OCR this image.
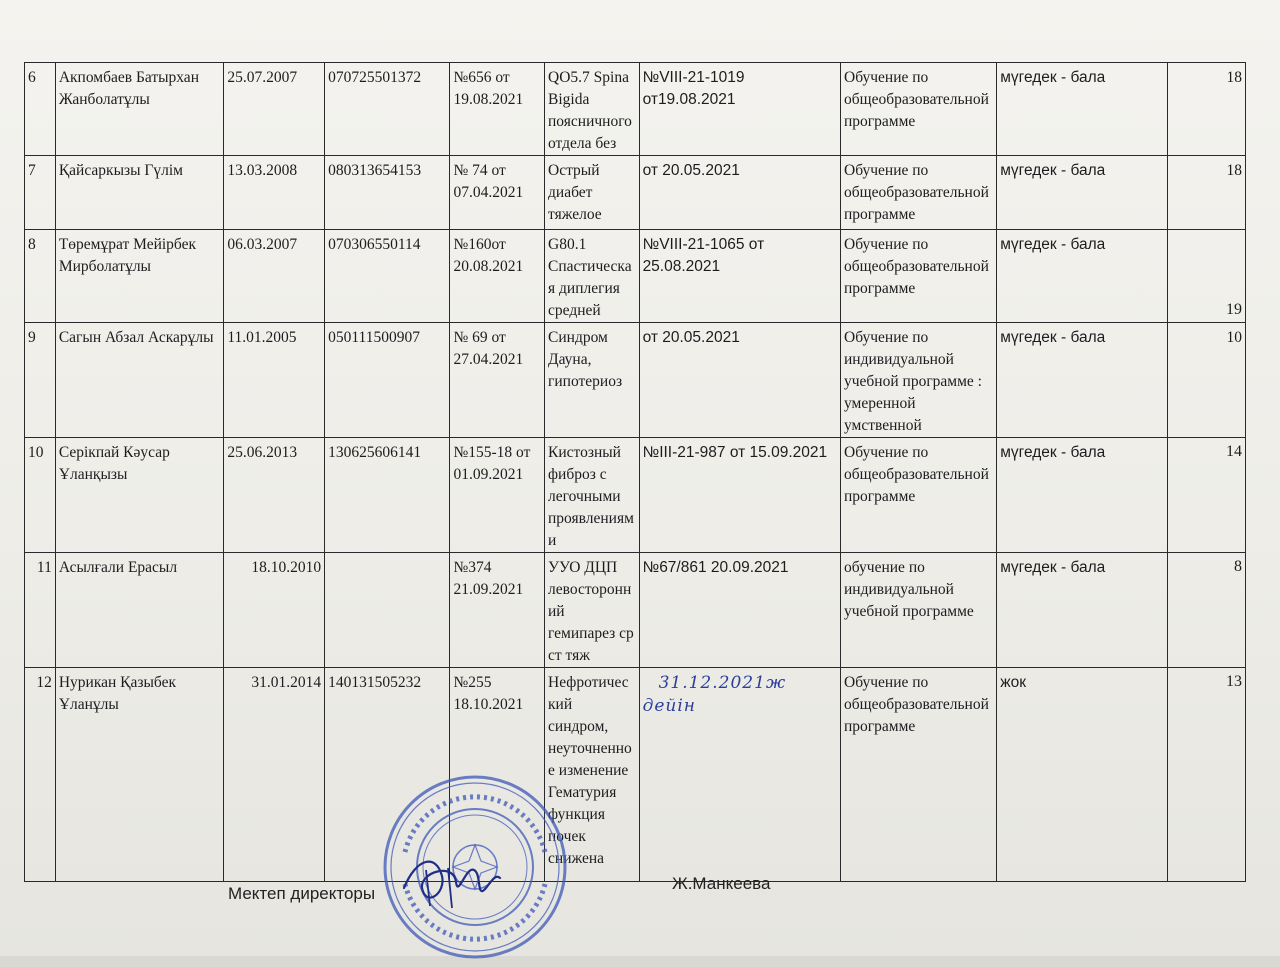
6	Акпомбаев Батырхан Жанболатұлы	25.07.2007	070725501372	№656 от 19.08.2021	QO5.7 Spina Bigida поясничного отдела без	№VIII-21-1019 от19.08.2021	Обучение по общеобразовательной программе	мүгедек - бала	18
7	Қайсаркызы Гүлім	13.03.2008	080313654153	№ 74 от 07.04.2021	Острый диабет тяжелое	от 20.05.2021	Обучение по общеобразовательной программе	мүгедек - бала	18
8	Төремұрат Мейірбек Мирболатұлы	06.03.2007	070306550114	№160от 20.08.2021	G80.1 Спастическая диплегия средней	№VIII-21-1065 от 25.08.2021	Обучение по общеобразовательной программе	мүгедек - бала	19
9	Сагын Абзал Аскарұлы	11.01.2005	050111500907	№ 69 от 27.04.2021	Синдром Дауна, гипотериоз	от 20.05.2021	Обучение по индивидуальной учебной программе : умеренной умственной	мүгедек - бала	10
10	Серікпай Кәусар Ұланқызы	25.06.2013	130625606141	№155-18 от 01.09.2021	Кистозный фиброз с легочными проявлениями	№III-21-987 от 15.09.2021	Обучение по общеобразовательной программе	мүгедек - бала	14
11	Асылғали Ерасыл	18.10.2010		№374 21.09.2021	УУО ДЦП левосторонний гемипарез ср ст тяж	№67/861 20.09.2021	обучение по индивидуальной учебной программе	мүгедек - бала	8
12	Нурикан Қазыбек Ұланұлы	31.01.2014	140131505232	№255 18.10.2021	Нефротический синдром, неуточненное изменение Гематурия функция почек снижена	31.12.2021ж дейін	Обучение по общеобразовательной программе	жок	13
Мектеп директоры
Ж.Манкеева
